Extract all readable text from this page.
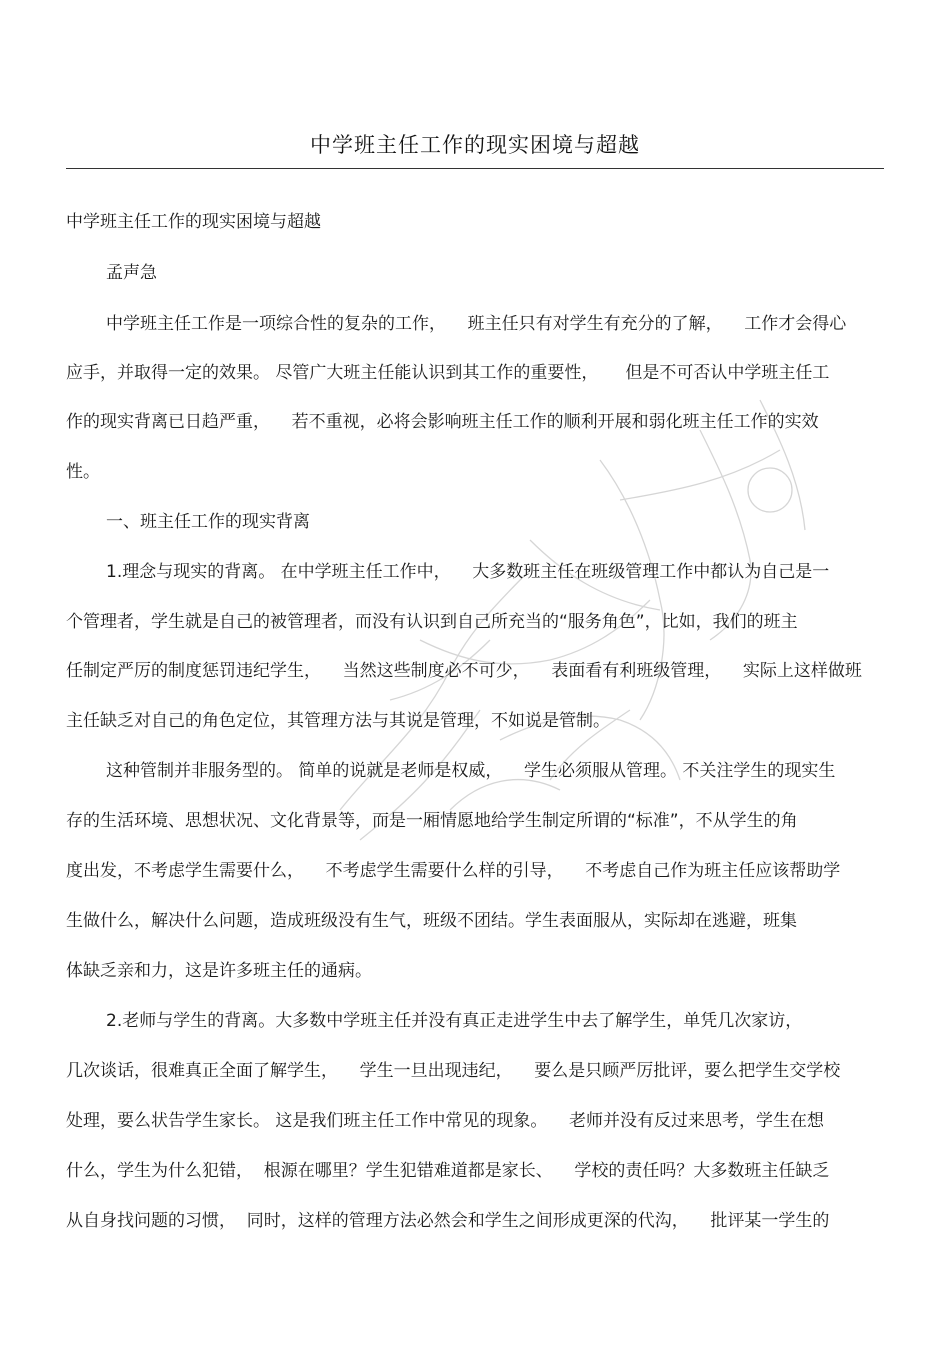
中学班主任工作的现实困境与超越
中学班主任工作的现实困境与超越
孟声急
中学班主任工作是一项综合性的复杂的工作，    班主任只有对学生有充分的了解，    工作才会得心
应手，并取得一定的效果。 尽管广大班主任能认识到其工作的重要性，     但是不可否认中学班主任工
作的现实背离已日趋严重，    若不重视，必将会影响班主任工作的顺利开展和弱化班主任工作的实效
性。
一、班主任工作的现实背离
1.理念与现实的背离。 在中学班主任工作中，    大多数班主任在班级管理工作中都认为自己是一
个管理者，学生就是自己的被管理者，而没有认识到自己所充当的“服务角色”，比如，我们的班主
任制定严厉的制度惩罚违纪学生，    当然这些制度必不可少，    表面看有利班级管理，    实际上这样做班
主任缺乏对自己的角色定位，其管理方法与其说是管理，不如说是管制。
这种管制并非服务型的。 简单的说就是老师是权威，    学生必须服从管理。 不关注学生的现实生
存的生活环境、思想状况、文化背景等，而是一厢情愿地给学生制定所谓的“标准”，不从学生的角
度出发，不考虑学生需要什么，    不考虑学生需要什么样的引导，    不考虑自己作为班主任应该帮助学
生做什么，解决什么问题，造成班级没有生气，班级不团结。学生表面服从，实际却在逃避，班集
体缺乏亲和力，这是许多班主任的通病。
2.老师与学生的背离。大多数中学班主任并没有真正走进学生中去了解学生，单凭几次家访，
几次谈话，很难真正全面了解学生，    学生一旦出现违纪，    要么是只顾严厉批评，要么把学生交学校
处理，要么状告学生家长。 这是我们班主任工作中常见的现象。    老师并没有反过来思考，学生在想
什么，学生为什么犯错，  根源在哪里？学生犯错难道都是家长、    学校的责任吗？大多数班主任缺乏
从自身找问题的习惯，  同时，这样的管理方法必然会和学生之间形成更深的代沟，    批评某一学生的
